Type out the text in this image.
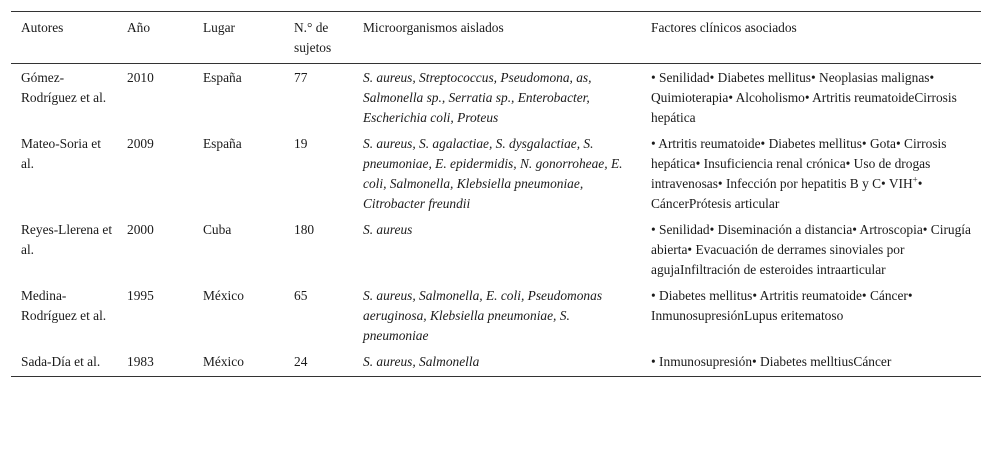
Autores	Año	Lugar	N.° de sujetos	Microorganismos aislados	Factores clínicos asociados
Gómez-Rodríguez et al.	2010	España	77	S. aureus, Streptococcus, Pseudomona, as, Salmonella sp., Serratia sp., Enterobacter, Escherichia coli, Proteus	• Senilidad• Diabetes mellitus• Neoplasias malignas• Quimioterapia• Alcoholismo• Artritis reumatoideCirrosis hepática
Mateo-Soria et al.	2009	España	19	S. aureus, S. agalactiae, S. dysgalactiae, S. pneumoniae, E. epidermidis, N. gonorroheae, E. coli, Salmonella, Klebsiella pneumoniae, Citrobacter freundii	• Artritis reumatoide• Diabetes mellitus• Gota• Cirrosis hepática• Insuficiencia renal crónica• Uso de drogas intravenosas• Infección por hepatitis B y C• VIH+• CáncerPrótesis articular
Reyes-Llerena et al.	2000	Cuba	180	S. aureus	• Senilidad• Diseminación a distancia• Artroscopia• Cirugía abierta• Evacuación de derrames sinoviales por agujaInfiltración de esteroides intraarticular
Medina-Rodríguez et al.	1995	México	65	S. aureus, Salmonella, E. coli, Pseudomonas aeruginosa, Klebsiella pneumoniae, S. pneumoniae	• Diabetes mellitus• Artritis reumatoide• Cáncer• InmunosupresiónLupus eritematoso
Sada-Día et al.	1983	México	24	S. aureus, Salmonella	• Inmunosupresión• Diabetes melltiusCáncer
